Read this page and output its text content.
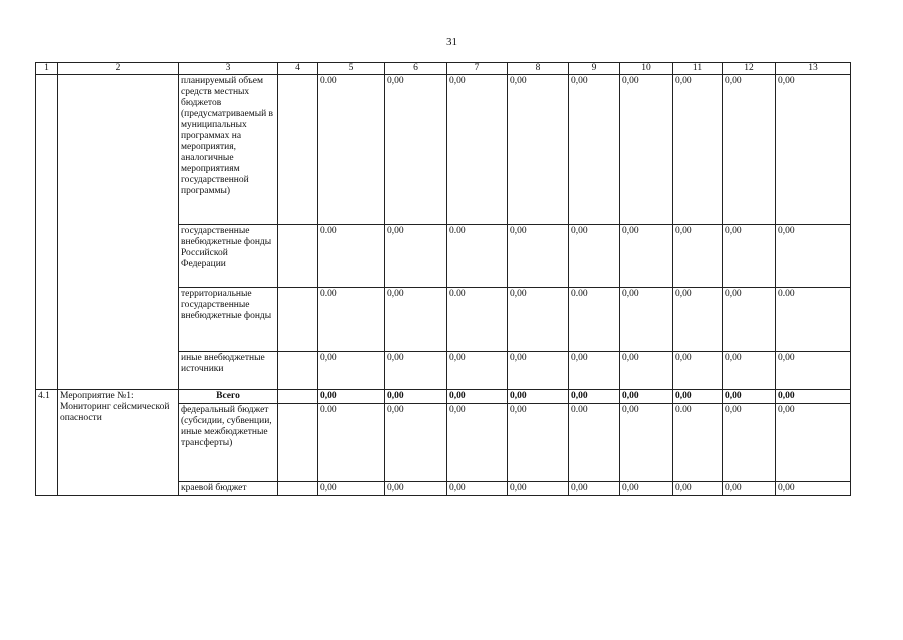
31
1	2	3	4	5	6	7	8	9	10	11	12	13
		планируемый объем средств местных бюджетов (предусматриваемый в муниципальных программах на мероприятия, аналогичные мероприятиям государственной программы)		0.00	0,00	0,00	0,00	0,00	0,00	0,00	0,00	0,00
		государственные внебюджетные фонды Российской Федерации		0.00	0,00	0.00	0,00	0,00	0,00	0,00	0,00	0,00
		территориальные государственные внебюджетные фонды		0.00	0,00	0.00	0,00	0.00	0,00	0,00	0,00	0.00
		иные внебюджетные источники		0,00	0,00	0,00	0,00	0,00	0,00	0,00	0,00	0,00
4.1	Мероприятие №1: Мониторинг сейсмической опасности	Всего		0,00	0,00	0,00	0,00	0,00	0,00	0,00	0,00	0,00
		федеральный бюджет (субсидии, субвенции, иные межбюджетные трансферты)		0.00	0,00	0,00	0,00	0.00	0,00	0.00	0,00	0,00
		краевой бюджет		0,00	0,00	0,00	0,00	0,00	0,00	0,00	0,00	0,00
